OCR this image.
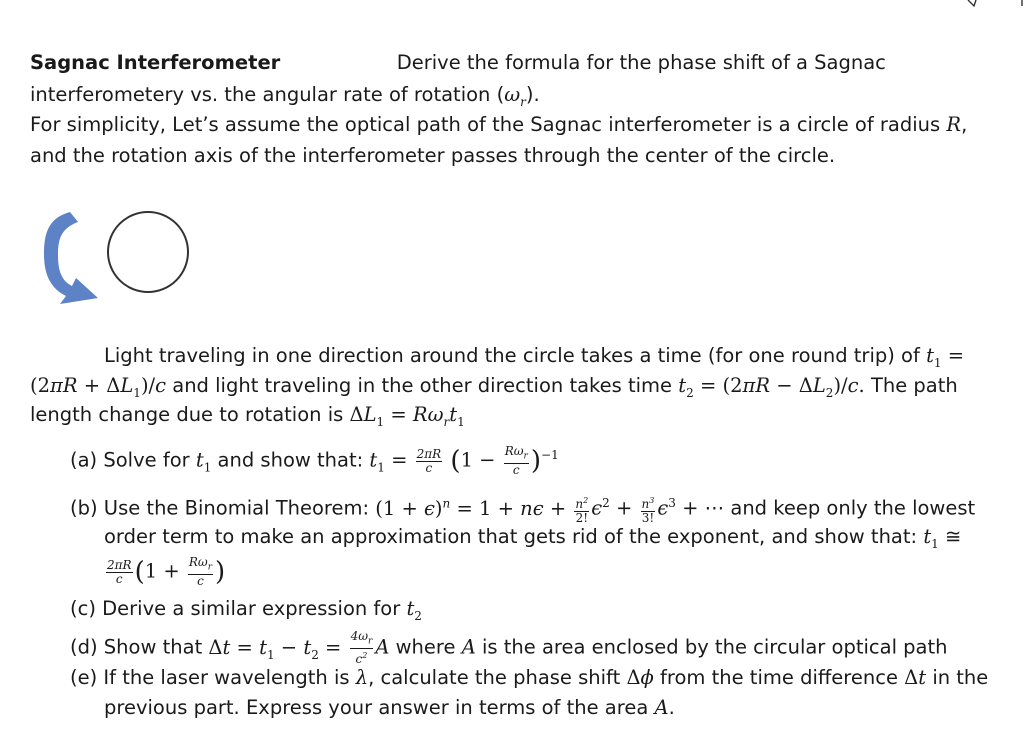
Sagnac Interferometer	Derive the formula for the phase shift of a Sagnac
interferometery vs. the angular rate of rotation $(\omega_r)$.
For simplicity, Let’s assume the optical path of the Sagnac interferometer is a circle of radius R,
and the rotation axis of the interferometer passes through the center of the circle.
Light traveling in one direction around the circle takes a time (for one round trip) of $t_1$ =
$(2\pi R + \Delta L_1)/c$ and light traveling in the other direction takes time $t_2 = (2\pi R - \Delta L_2)/c$. The path
length change due to rotation is $\Delta L_1 = R\omega_rt_1$
(a) Solve for $t_1$ and show that: $t_1 = \frac{2\pi R}{c} (1 - \frac{R\omega_r}{c} )^{-1}$
(b) Use the Binomial Theorem: $(1 + \epsilon)^n = 1 + n\epsilon + \frac{n^2}{2!} \epsilon^2 + \frac{n^3}{3!} \epsilon^3$ + ⋯ and keep only the lowest
order term to make an approximation that gets rid of the exponent, and show that: $t_1$ ≅
$\frac{2\pi R}{c} (1 + \frac{R\omega_r}{c}$ )
(c) Derive a similar expression for $t_2$
(d) Show that $\Delta t = t_1 - t_2 = \frac{4\omega_r}{c^2}$ A where A is the area enclosed by the circular optical path
(e) If the laser wavelength is λ, calculate the phase shift Δϕ from the time difference Δt in the
previous part. Express your answer in terms of the area A.
